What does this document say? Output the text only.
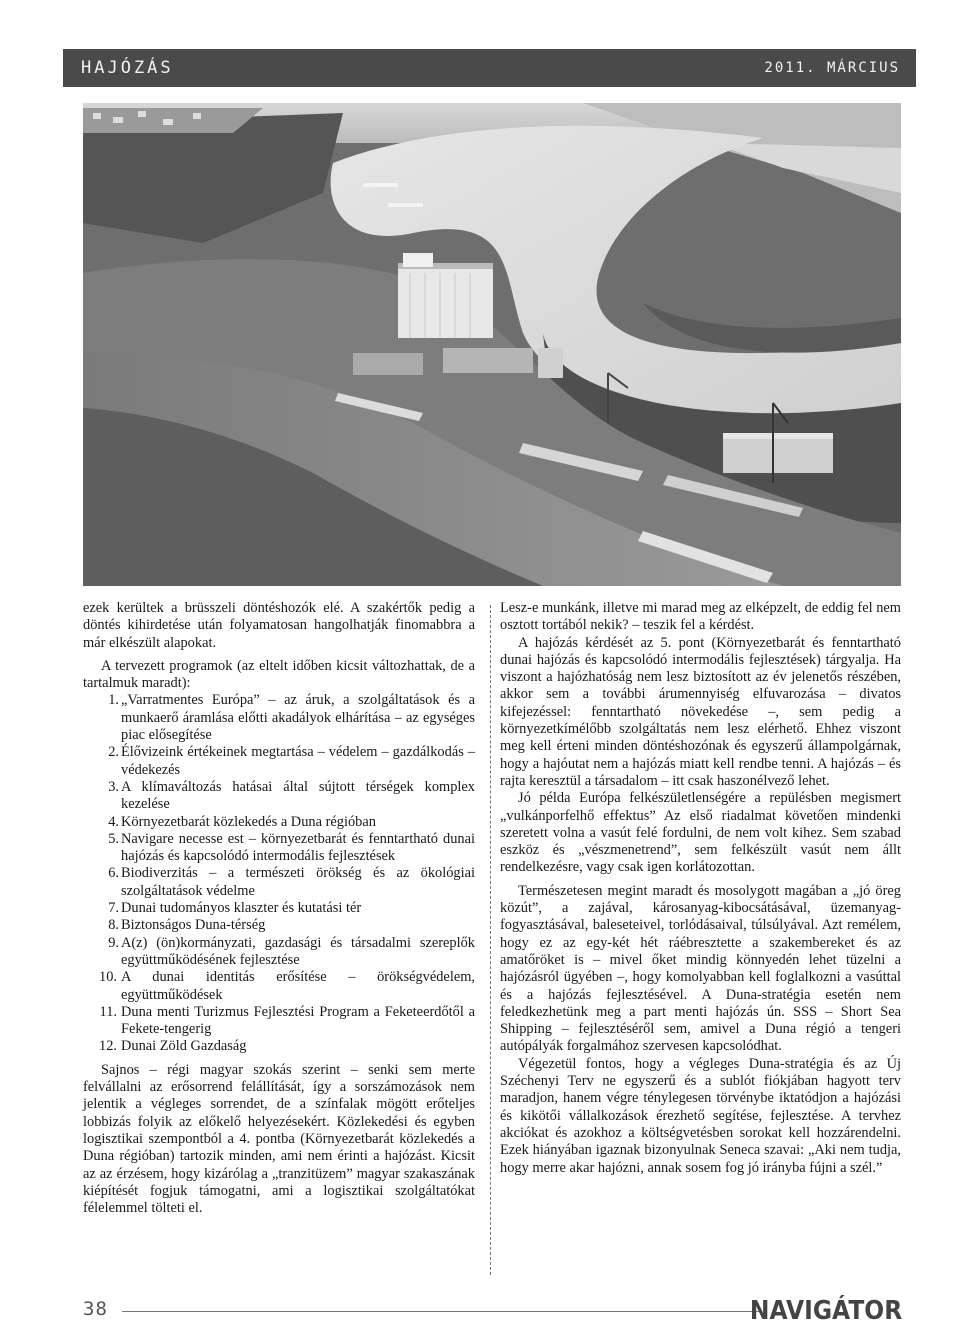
HAJÓZÁS	2011. MÁRCIUS

ezek kerültek a brüsszeli döntéshozók elé. A szakértők pedig a döntés kihirdetése után folyamatosan hangolhatják finomabbra a már elkészült alapokat.

A tervezett programok (az eltelt időben kicsit változhattak, de a tartalmuk maradt):

1. „Varratmentes Európa” – az áruk, a szolgáltatások és a munkaerő áramlása előtti akadályok elhárítása – az egységes piac elősegítése
2. Élővizeink értékeinek megtartása – védelem – gazdálkodás – védekezés
3. A klímaváltozás hatásai által sújtott térségek komplex kezelése
4. Környezetbarát közlekedés a Duna régióban
5. Navigare necesse est – környezetbarát és fenntartható dunai hajózás és kapcsolódó intermodális fejlesztések
6. Biodiverzitás – a természeti örökség és az ökológiai szolgáltatások védelme
7. Dunai tudományos klaszter és kutatási tér
8. Biztonságos Duna-térség
9. A(z) (ön)kormányzati, gazdasági és társadalmi szereplők együttműködésének fejlesztése
10. A dunai identitás erősítése – örökségvédelem, együttműködések
11. Duna menti Turizmus Fejlesztési Program a Feketeerdőtől a Fekete-tengerig
12. Dunai Zöld Gazdaság

Sajnos – régi magyar szokás szerint – senki sem merte felvállalni az erősorrend felállítását, így a sorszámozások nem jelentik a végleges sorrendet, de a színfalak mögött erőteljes lobbizás folyik az előkelő helyezésekért. Közlekedési és egyben logisztikai szempontból a 4. pontba (Környezetbarát közlekedés a Duna régióban) tartozik minden, ami nem érinti a hajózást. Kicsit az az érzésem, hogy kizárólag a „tranzitüzem” magyar szakaszának kiépítését fogjuk támogatni, ami a logisztikai szolgáltatókat félelemmel tölteti el.

Lesz-e munkánk, illetve mi marad meg az elképzelt, de eddig fel nem osztott tortából nekik? – teszik fel a kérdést.

A hajózás kérdését az 5. pont (Környezetbarát és fenntartható dunai hajózás és kapcsolódó intermodális fejlesztések) tárgyalja. Ha viszont a hajózhatóság nem lesz biztosított az év jelenetős részében, akkor sem a további árumennyiség elfuvarozása – divatos kifejezéssel: fenntartható növekedése –, sem pedig a környezetkímélőbb szolgáltatás nem lesz elérhető. Ehhez viszont meg kell érteni minden döntéshozónak és egyszerű állampolgárnak, hogy a hajóutat nem a hajózás miatt kell rendbe tenni. A hajózás – és rajta keresztül a társadalom – itt csak haszonélvező lehet.

Jó példa Európa felkészületlenségére a repülésben megismert „vulkánporfelhő effektus” Az első riadalmat követően mindenki szeretett volna a vasút felé fordulni, de nem volt kihez. Sem szabad eszköz és „vészmenetrend”, sem felkészült vasút nem állt rendelkezésre, vagy csak igen korlátozottan.

Természetesen megint maradt és mosolygott magában a „jó öreg közút”, a zajával, károsanyag-kibocsátásával, üzemanyag-fogyasztásával, baleseteivel, torlódásaival, túlsúlyával. Azt remélem, hogy ez az egy-két hét ráébresztette a szakembereket és az amatőröket is – mivel őket mindig könnyedén lehet tüzelni a hajózásról ügyében –, hogy komolyabban kell foglalkozni a vasúttal és a hajózás fejlesztésével. A Duna-stratégia esetén nem feledkezhetünk meg a part menti hajózás ún. SSS – Short Sea Shipping – fejlesztéséről sem, amivel a Duna régió a tengeri autópályák forgalmához szervesen kapcsolódhat.

Végezetül fontos, hogy a végleges Duna-stratégia és az Új Széchenyi Terv ne egyszerű és a sublót fiókjában hagyott terv maradjon, hanem végre ténylegesen törvénybe iktatódjon a hajózási és kikötői vállalkozások érezhető segítése, fejlesztése. A tervhez akciókat és azokhoz a költségvetésben sorokat kell hozzárendelni. Ezek hiányában igaznak bizonyulnak Seneca szavai: „Aki nem tudja, hogy merre akar hajózni, annak sosem fog jó irányba fújni a szél.”

38	NAVIGÁTOR
